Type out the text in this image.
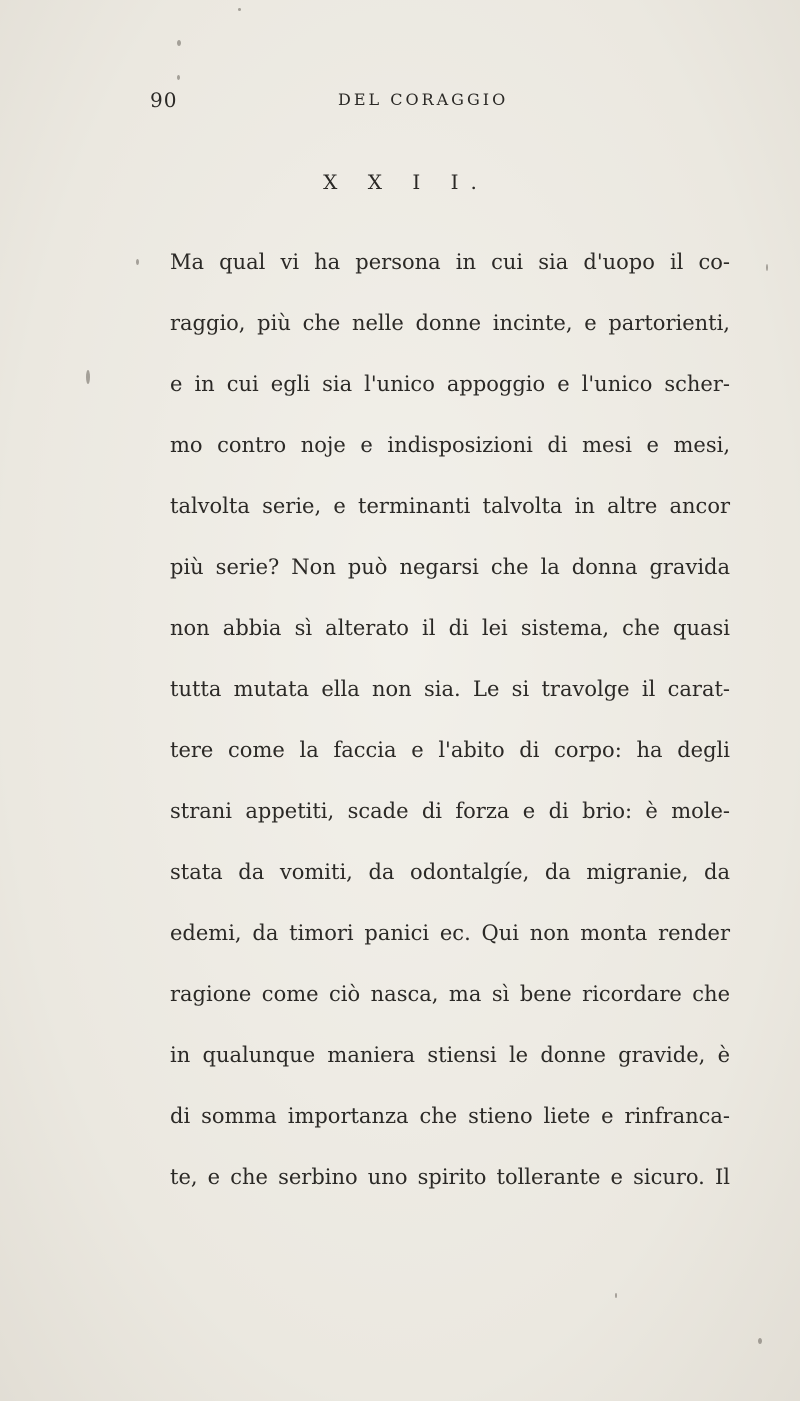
90	DEL CORAGGIO
X X I I.
Ma qual vi ha persona in cui sia d'uopo il co-
raggio, più che nelle donne incinte, e partorienti,
e in cui egli sia l'unico appoggio e l'unico scher-
mo contro noje e indisposizioni di mesi e mesi,
talvolta serie, e terminanti talvolta in altre ancor
più serie? Non può negarsi che la donna gravida
non abbia sì alterato il di lei sistema, che quasi
tutta mutata ella non sia. Le si travolge il carat-
tere come la faccia e l'abito di corpo: ha degli
strani appetiti, scade di forza e di brio: è mole-
stata da vomiti, da odontalgíe, da migranie, da
edemi, da timori panici ec. Qui non monta render
ragione come ciò nasca, ma sì bene ricordare che
in qualunque maniera stiensi le donne gravide, è
di somma importanza che stieno liete e rinfranca-
te, e che serbino uno spirito tollerante e sicuro. Il
